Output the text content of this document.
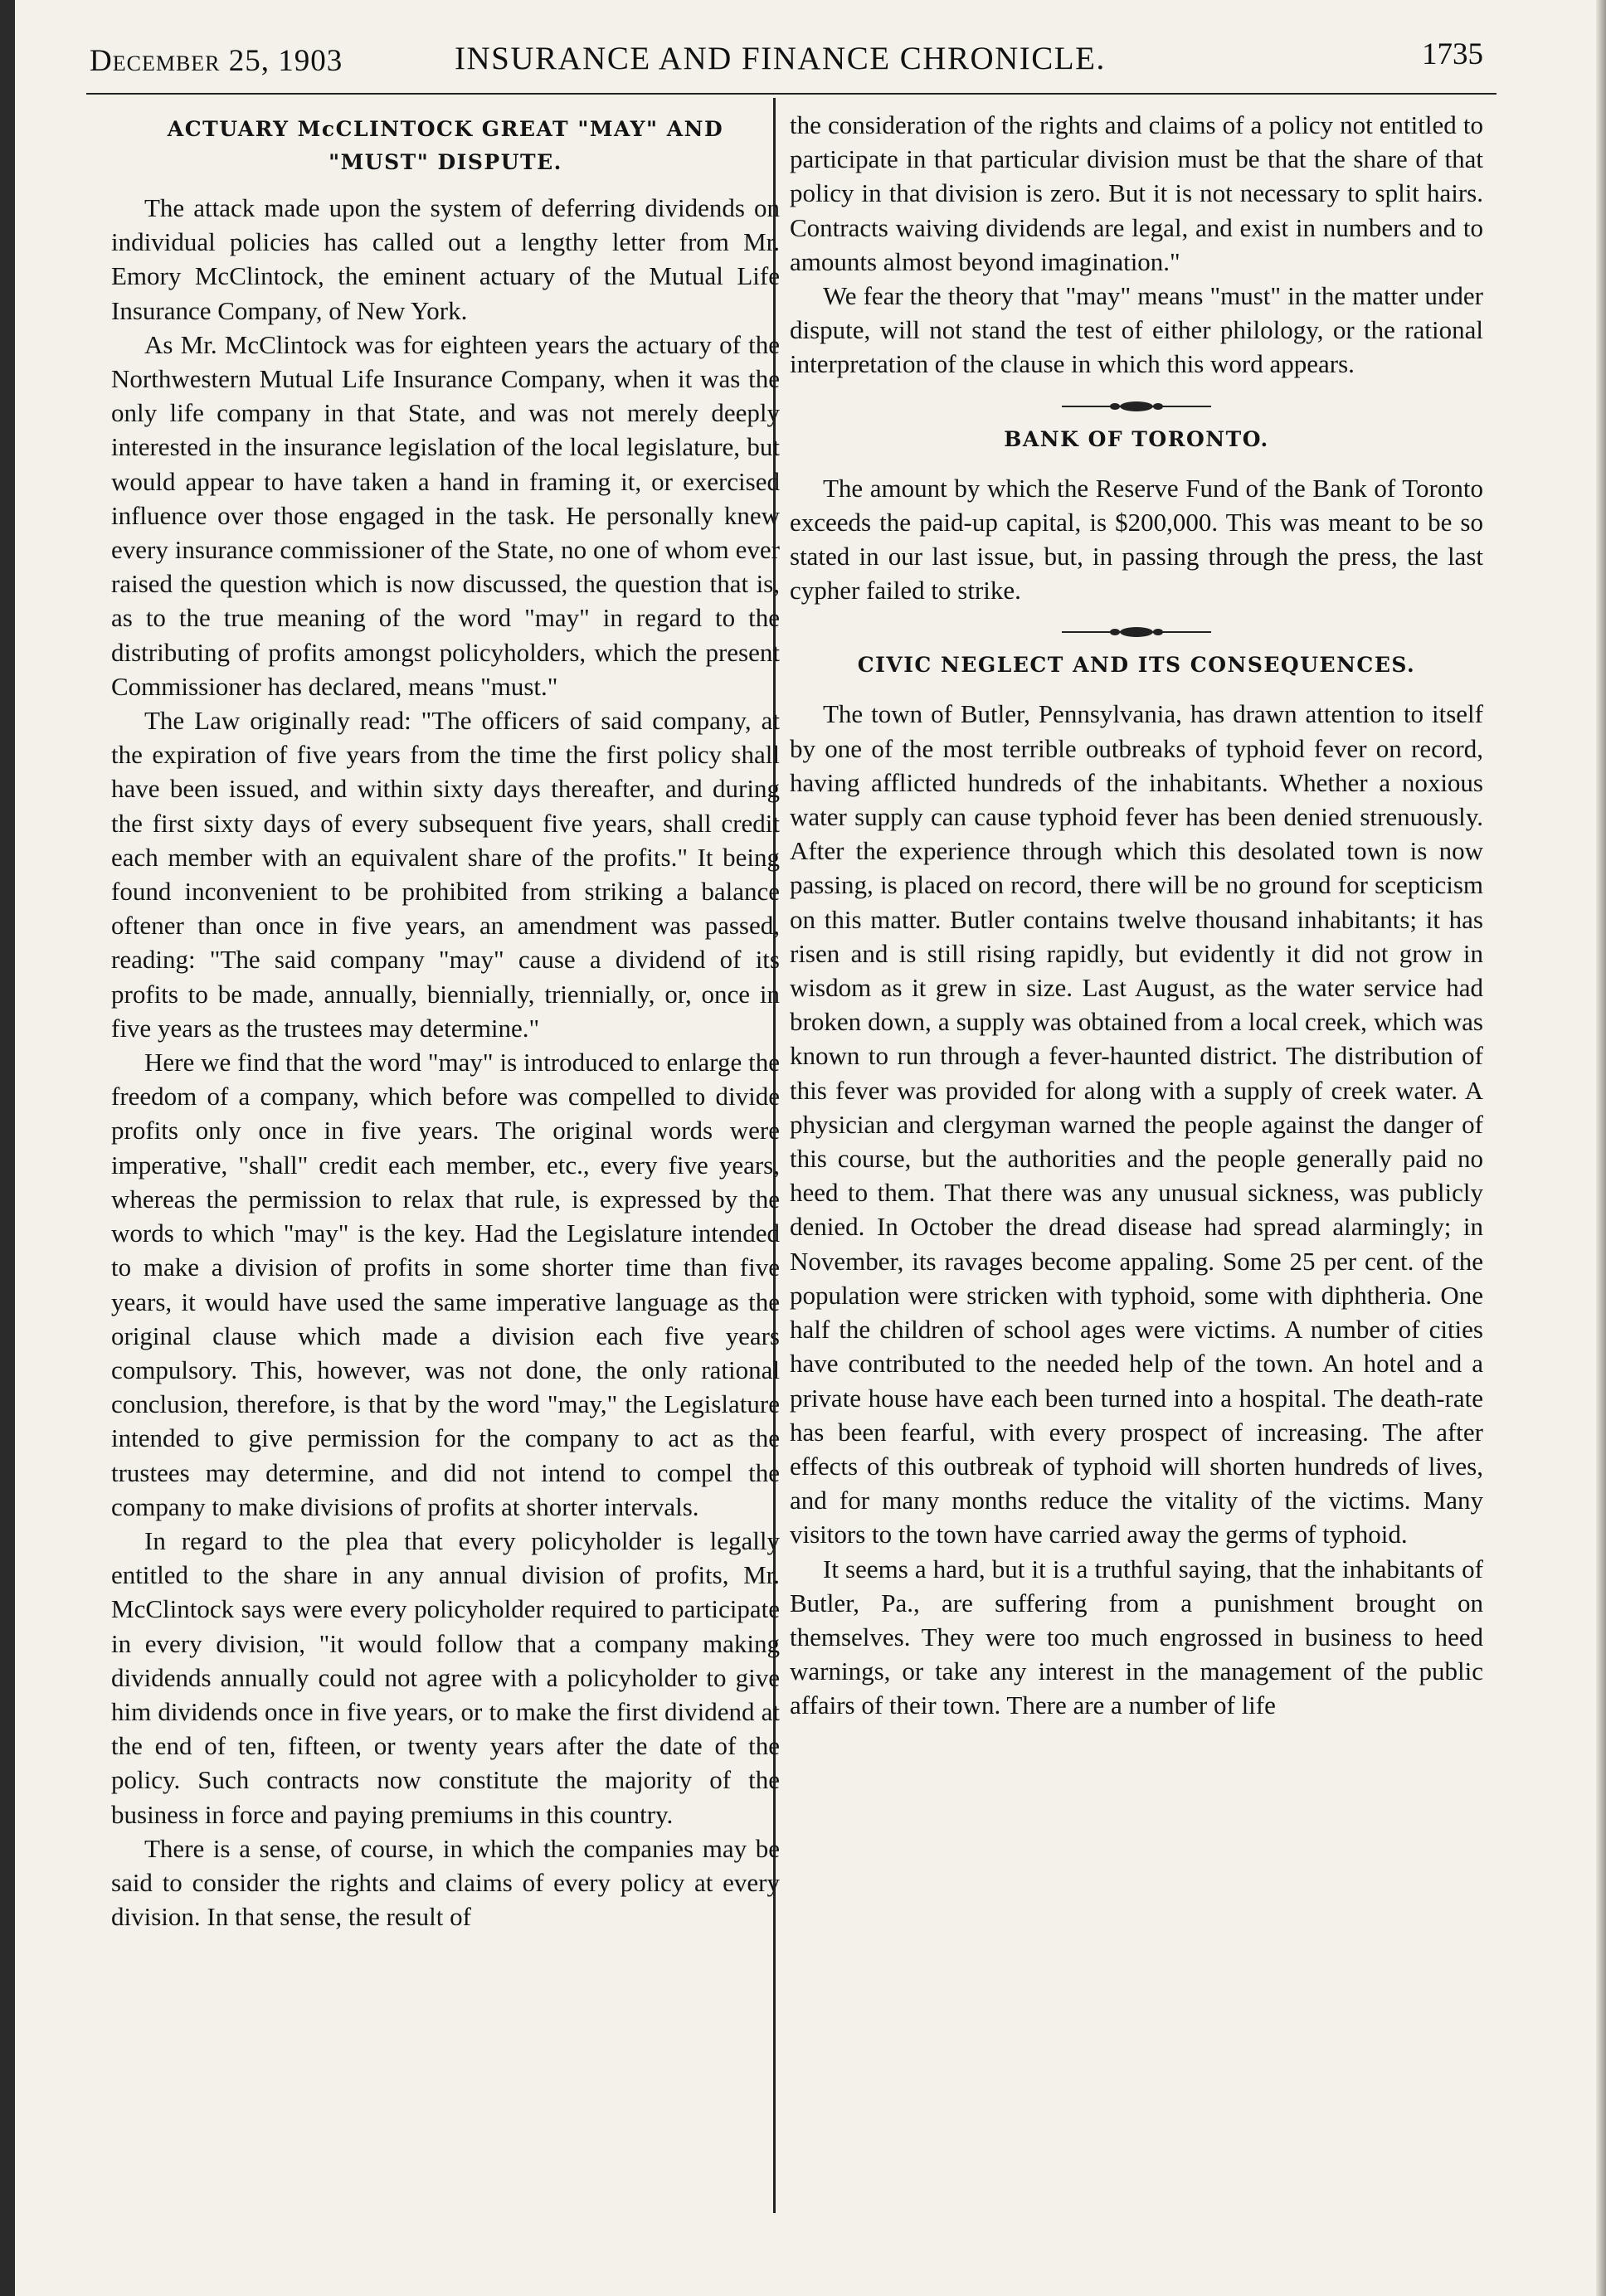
December 25, 1903	INSURANCE AND FINANCE CHRONICLE.	1735
ACTUARY McCLINTOCK GREAT "MAY" AND
"MUST" DISPUTE.

The attack made upon the system of deferring dividends on individual policies has called out a lengthy letter from Mr. Emory McClintock, the eminent actuary of the Mutual Life Insurance Company, of New York.

As Mr. McClintock was for eighteen years the actuary of the Northwestern Mutual Life Insurance Company, when it was the only life company in that State, and was not merely deeply interested in the insurance legislation of the local legislature, but would appear to have taken a hand in framing it, or exercised influence over those engaged in the task. He personally knew every insurance commissioner of the State, no one of whom ever raised the question which is now discussed, the question that is, as to the true meaning of the word "may" in regard to the distributing of profits amongst policyholders, which the present Commissioner has declared, means "must."

The Law originally read: "The officers of said company, at the expiration of five years from the time the first policy shall have been issued, and within sixty days thereafter, and during the first sixty days of every subsequent five years, shall credit each member with an equivalent share of the profits." It being found inconvenient to be prohibited from striking a balance oftener than once in five years, an amendment was passed, reading: "The said company "may" cause a dividend of its profits to be made, annually, biennially, triennially, or, once in five years as the trustees may determine."

Here we find that the word "may" is introduced to enlarge the freedom of a company, which before was compelled to divide profits only once in five years. The original words were imperative, "shall" credit each member, etc., every five years, whereas the permission to relax that rule, is expressed by the words to which "may" is the key. Had the Legislature intended to make a division of profits in some shorter time than five years, it would have used the same imperative language as the original clause which made a division each five years compulsory. This, however, was not done, the only rational conclusion, therefore, is that by the word "may," the Legislature intended to give permission for the company to act as the trustees may determine, and did not intend to compel the company to make divisions of profits at shorter intervals.

In regard to the plea that every policyholder is legally entitled to the share in any annual division of profits, Mr. McClintock says were every policyholder required to participate in every division, "it would follow that a company making dividends annually could not agree with a policyholder to give him dividends once in five years, or to make the first dividend at the end of ten, fifteen, or twenty years after the date of the policy. Such contracts now constitute the majority of the business in force and paying premiums in this country.

There is a sense, of course, in which the companies may be said to consider the rights and claims of every policy at every division. In that sense, the result of

the consideration of the rights and claims of a policy not entitled to participate in that particular division must be that the share of that policy in that division is zero. But it is not necessary to split hairs. Contracts waiving dividends are legal, and exist in numbers and to amounts almost beyond imagination."

We fear the theory that "may" means "must" in the matter under dispute, will not stand the test of either philology, or the rational interpretation of the clause in which this word appears.

BANK OF TORONTO.

The amount by which the Reserve Fund of the Bank of Toronto exceeds the paid-up capital, is $200,000. This was meant to be so stated in our last issue, but, in passing through the press, the last cypher failed to strike.

CIVIC NEGLECT AND ITS CONSEQUENCES.

The town of Butler, Pennsylvania, has drawn attention to itself by one of the most terrible outbreaks of typhoid fever on record, having afflicted hundreds of the inhabitants. Whether a noxious water supply can cause typhoid fever has been denied strenuously. After the experience through which this desolated town is now passing, is placed on record, there will be no ground for scepticism on this matter. Butler contains twelve thousand inhabitants; it has risen and is still rising rapidly, but evidently it did not grow in wisdom as it grew in size. Last August, as the water service had broken down, a supply was obtained from a local creek, which was known to run through a fever-haunted district. The distribution of this fever was provided for along with a supply of creek water. A physician and clergyman warned the people against the danger of this course, but the authorities and the people generally paid no heed to them. That there was any unusual sickness, was publicly denied. In October the dread disease had spread alarmingly; in November, its ravages become appaling. Some 25 per cent. of the population were stricken with typhoid, some with diphtheria. One half the children of school ages were victims. A number of cities have contributed to the needed help of the town. An hotel and a private house have each been turned into a hospital. The death-rate has been fearful, with every prospect of increasing. The after effects of this outbreak of typhoid will shorten hundreds of lives, and for many months reduce the vitality of the victims. Many visitors to the town have carried away the germs of typhoid.

It seems a hard, but it is a truthful saying, that the inhabitants of Butler, Pa., are suffering from a punishment brought on themselves. They were too much engrossed in business to heed warnings, or take any interest in the management of the public affairs of their town. There are a number of life
